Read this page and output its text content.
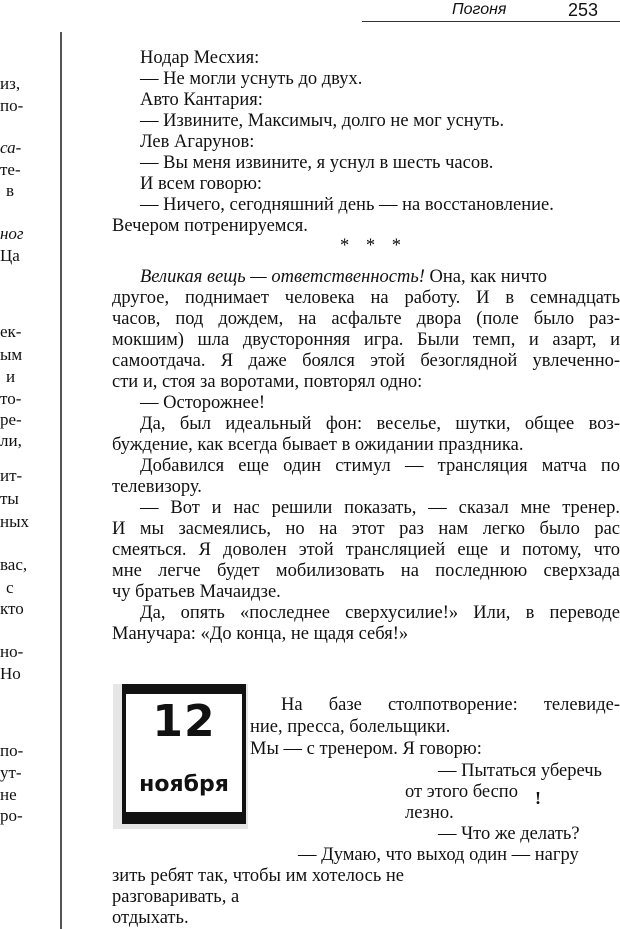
Погоня	253
из,
по-
са-
те-
в
ног
Ца
ек-
ым
и
то-
ре-
ли,
ит-
ты
ных
вас,
с
кто
но-
Но
по-
ут-
не
ро-
Нодар Месхия:
— Не могли уснуть до двух.
Авто Кантария:
— Извините, Максимыч, долго не мог уснуть.
Лев Агарунов:
— Вы меня извините, я уснул в шесть часов.
И всем говорю:
— Ничего, сегодняшний день — на восстановление.
Вечером потренируемся.
* * *
Великая вещь — ответственность! Она, как ничто
другое, поднимает человека на работу. И в семнадцать
часов, под дождем, на асфальте двора (поле было раз-
мокшим) шла двусторонняя игра. Были темп, и азарт, и
самоотдача. Я даже боялся этой безоглядной увлеченно-
сти и, стоя за воротами, повторял одно:
— Осторожнее!
Да, был идеальный фон: веселье, шутки, общее воз-
буждение, как всегда бывает в ожидании праздника.
Добавился еще один стимул — трансляция матча по
телевизору.
— Вот и нас решили показать, — сказал мне тренер.
И мы засмеялись, но на этот раз нам легко было рас
смеяться. Я доволен этой трансляцией еще и потому, что
мне легче будет мобилизовать на последнюю сверхзада
чу братьев Мачаидзе.
Да, опять «последнее сверхусилие!» Или, в переводе
Манучара: «До конца, не щадя себя!»
12
ноября
На базе столпотворение: телевиде-
ние, пресса, болельщики.
Мы — с тренером. Я говорю:
— Пытаться уберечь
от этого беспо !
лезно.
— Что же делать?
— Думаю, что выход один — нагру
зить ребят так, чтобы им хотелось не
разговаривать, а
отдыхать.
